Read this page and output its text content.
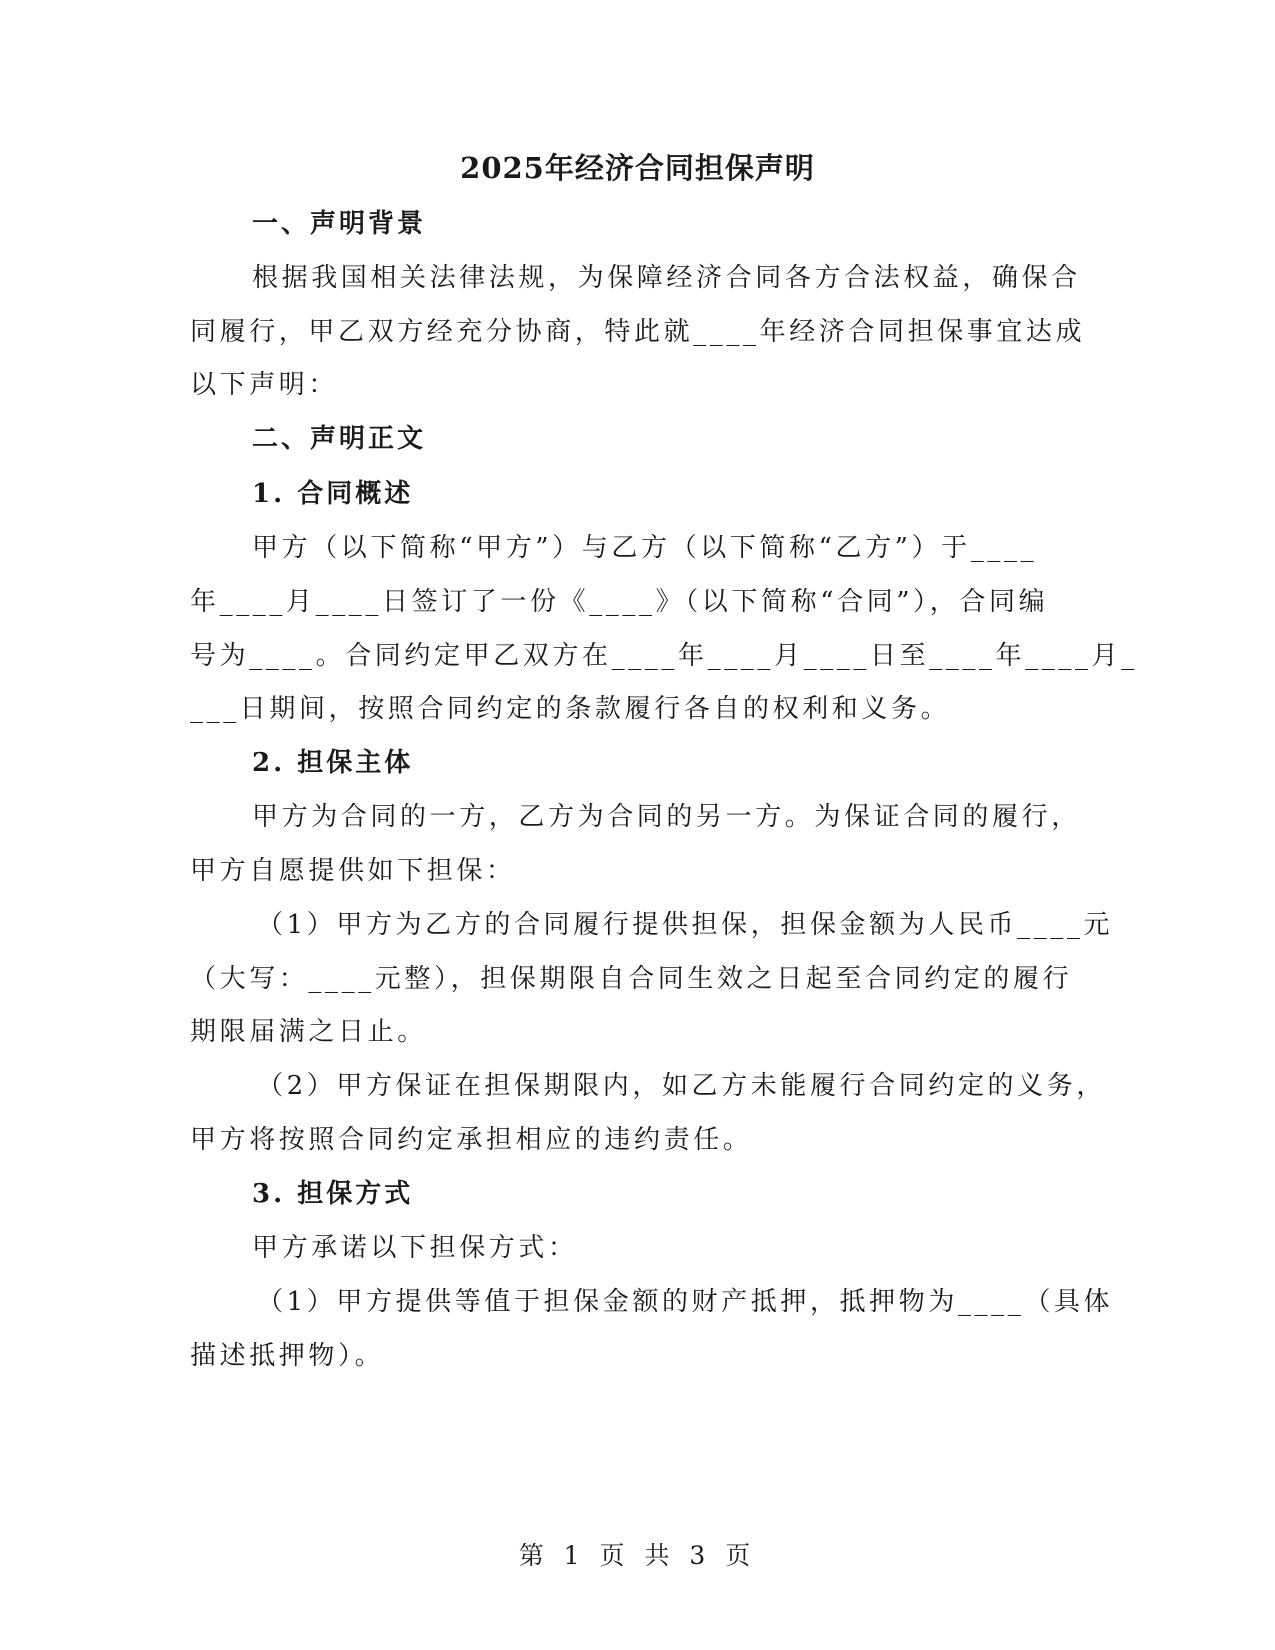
2025年经济合同担保声明
一、声明背景
根据我国相关法律法规，为保障经济合同各方合法权益，确保合
同履行，甲乙双方经充分协商，特此就____年经济合同担保事宜达成
以下声明：
二、声明正文
1. 合同概述
甲方（以下简称“甲方”）与乙方（以下简称“乙方”）于____
年____月____日签订了一份《____》（以下简称“合同”），合同编
号为____。合同约定甲乙双方在____年____月____日至____年____月_
___日期间，按照合同约定的条款履行各自的权利和义务。
2. 担保主体
甲方为合同的一方，乙方为合同的另一方。为保证合同的履行，
甲方自愿提供如下担保：
（1）甲方为乙方的合同履行提供担保，担保金额为人民币____元
（大写：____元整），担保期限自合同生效之日起至合同约定的履行
期限届满之日止。
（2）甲方保证在担保期限内，如乙方未能履行合同约定的义务，
甲方将按照合同约定承担相应的违约责任。
3. 担保方式
甲方承诺以下担保方式：
（1）甲方提供等值于担保金额的财产抵押，抵押物为____（具体
描述抵押物）。
第 1 页 共 3 页
